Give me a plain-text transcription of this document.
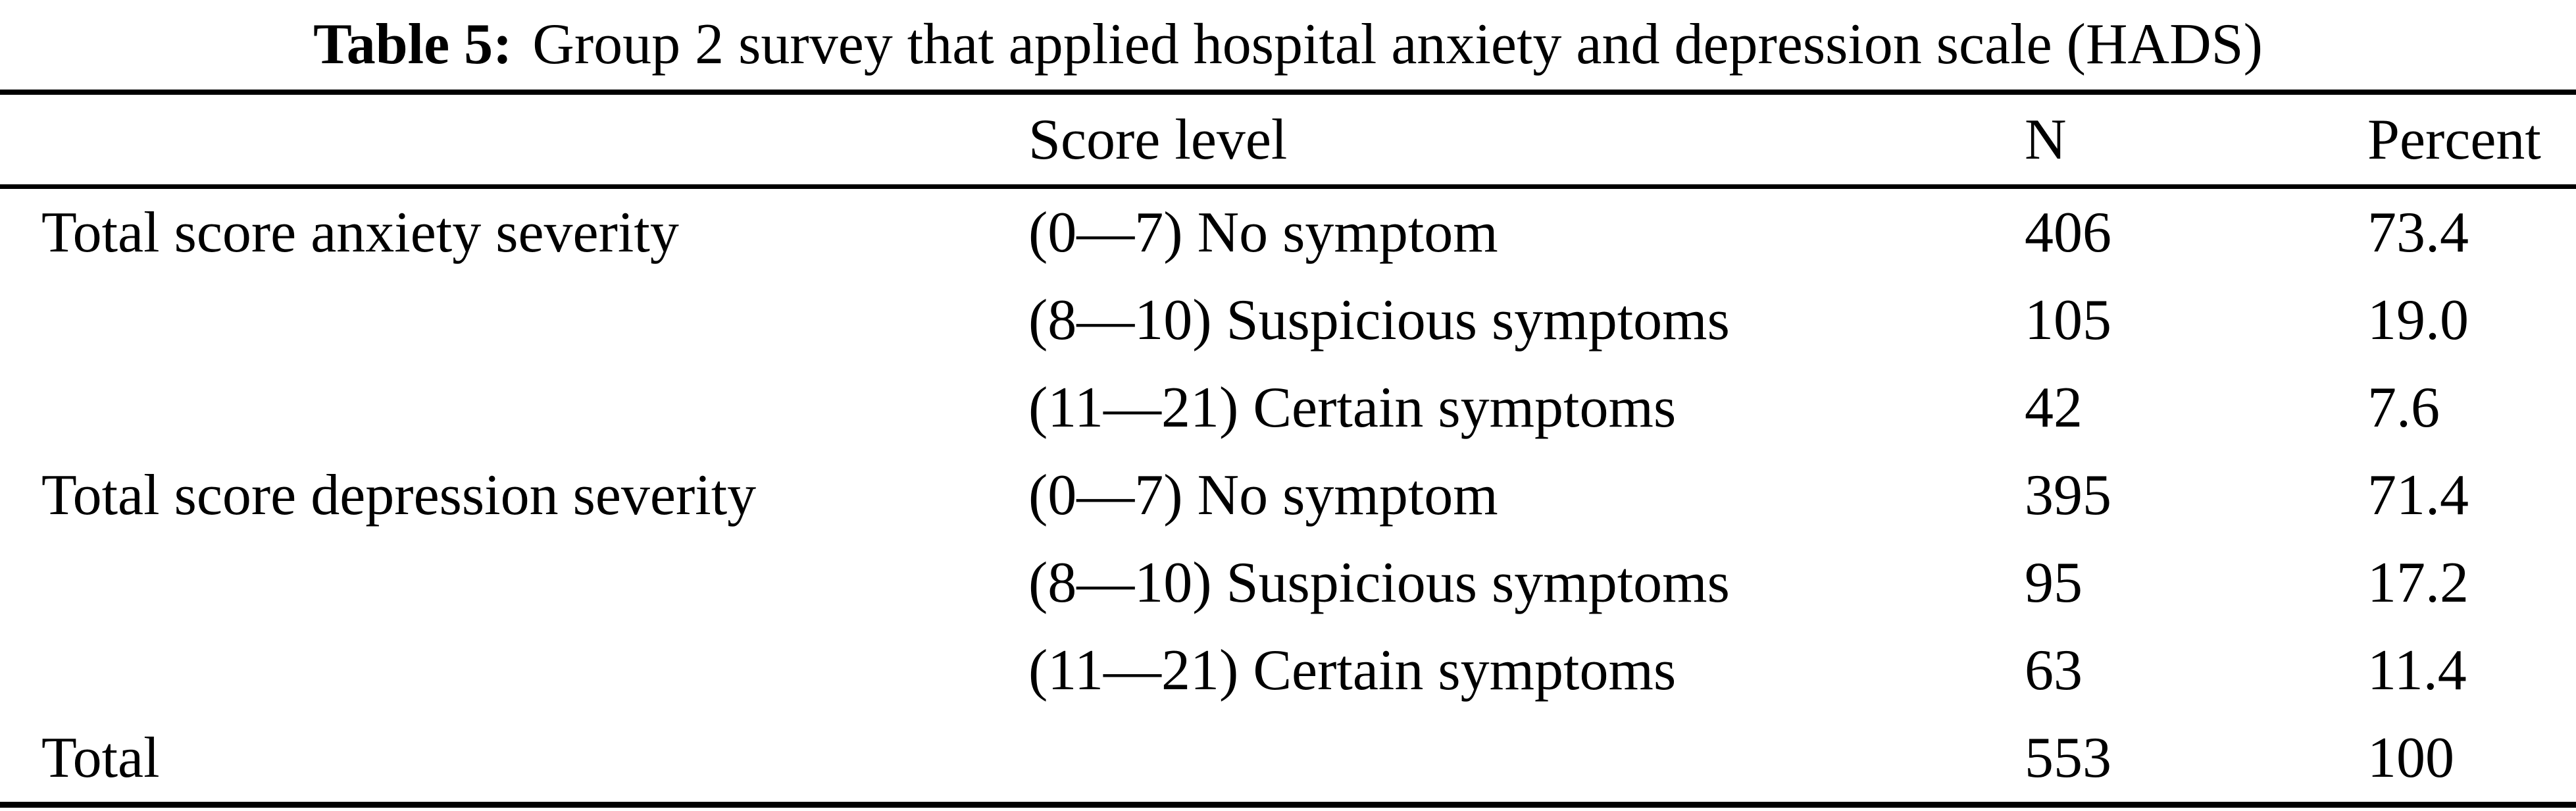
Table 5: Group 2 survey that applied hospital anxiety and depression scale (HADS)
	Score level	N	Percent
Total score anxiety severity	(0—7) No symptom	406	73.4
	(8—10) Suspicious symptoms	105	19.0
	(11—21) Certain symptoms	42	7.6
Total score depression severity	(0—7) No symptom	395	71.4
	(8—10) Suspicious symptoms	95	17.2
	(11—21) Certain symptoms	63	11.4
Total		553	100
